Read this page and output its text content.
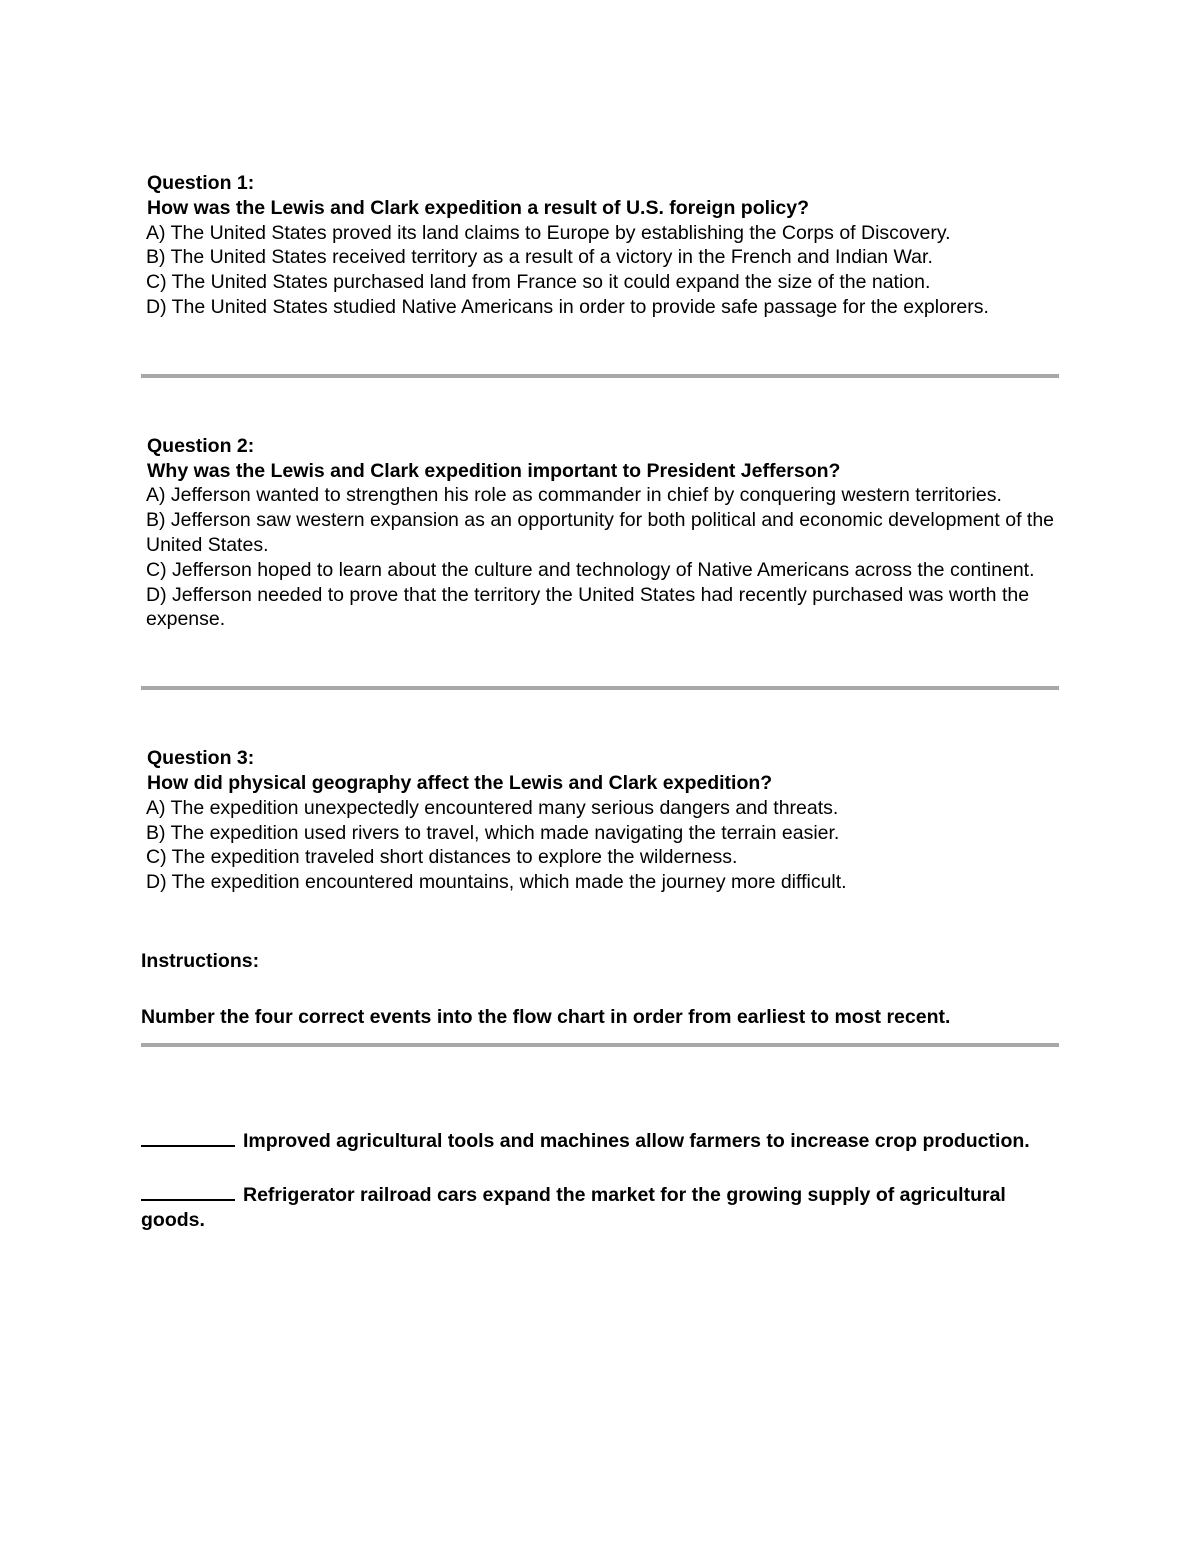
Question 1:

How was the Lewis and Clark expedition a result of U.S. foreign policy?

A) The United States proved its land claims to Europe by establishing the Corps of Discovery.

B) The United States received territory as a result of a victory in the French and Indian War.

C) The United States purchased land from France so it could expand the size of the nation.

D) The United States studied Native Americans in order to provide safe passage for the explorers.

Question 2:

Why was the Lewis and Clark expedition important to President Jefferson?

A) Jefferson wanted to strengthen his role as commander in chief by conquering western territories.

B) Jefferson saw western expansion as an opportunity for both political and economic development of the United States.

C) Jefferson hoped to learn about the culture and technology of Native Americans across the continent.

D) Jefferson needed to prove that the territory the United States had recently purchased was worth the expense.

Question 3:

How did physical geography affect the Lewis and Clark expedition?

A) The expedition unexpectedly encountered many serious dangers and threats.

B) The expedition used rivers to travel, which made navigating the terrain easier.

C) The expedition traveled short distances to explore the wilderness.

D) The expedition encountered mountains, which made the journey more difficult.

Instructions:

Number the four correct events into the flow chart in order from earliest to most recent.

Improved agricultural tools and machines allow farmers to increase crop production.

Refrigerator railroad cars expand the market for the growing supply of agricultural goods.
